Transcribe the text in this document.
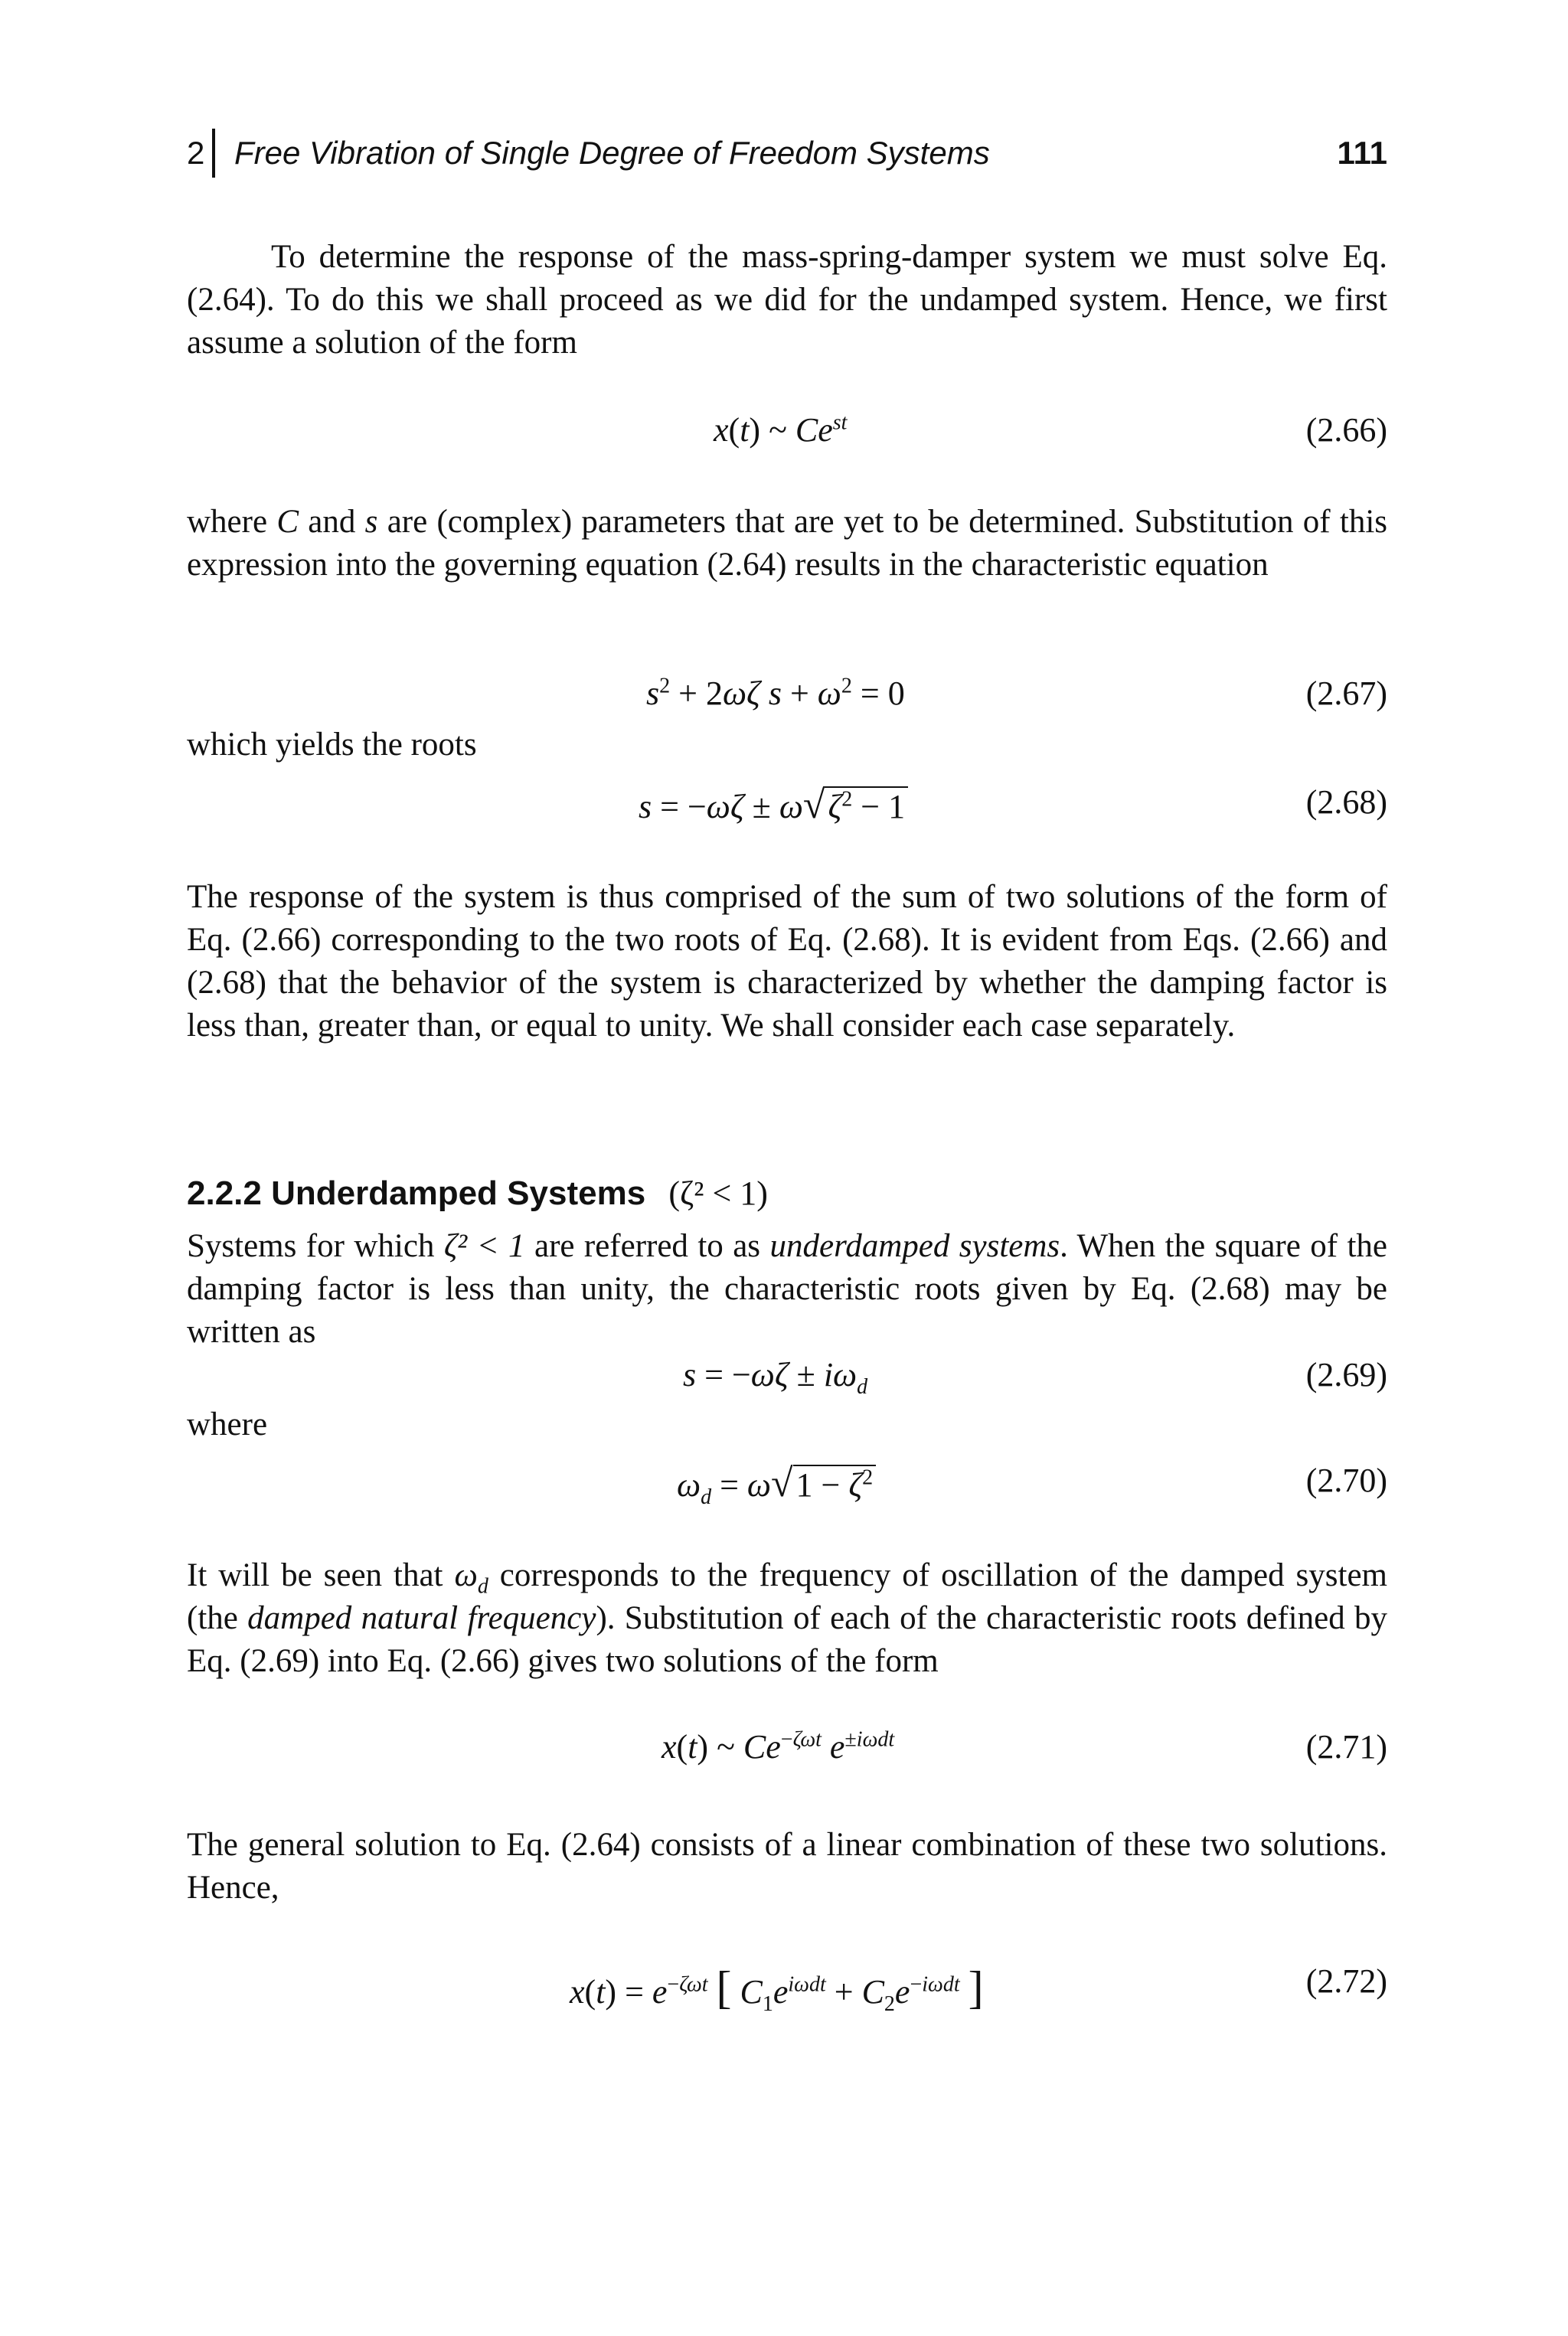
2 Free Vibration of Single Degree of Freedom Systems	111

To determine the response of the mass-spring-damper system we must solve Eq. (2.64). To do this we shall proceed as we did for the undamped system. Hence, we first assume a solution of the form

x(t) ~ $Ce^{st}$	(2.66)

where C and s are (complex) parameters that are yet to be determined. Substitution of this expression into the governing equation (2.64) results in the characteristic equation

$s^2 + 2\omega\zeta$ $s + \omega^2 = 0$	(2.67)
which yields the roots
$s = -\omega\zeta \pm \omega√\zeta^2 - 1$	(2.68)

The response of the system is thus comprised of the sum of two solutions of the form of Eq. (2.66) corresponding to the two roots of Eq. (2.68). It is evident from Eqs. (2.66) and (2.68) that the behavior of the system is characterized by whether the damping factor is less than, greater than, or equal to unity. We shall consider each case separately.

2.2.2 Underdamped Systems (ζ² < 1)

Systems for which ζ² < 1 are referred to as underdamped systems. When the square of the damping factor is less than unity, the characteristic roots given by Eq. (2.68) may be written as

$s = -\omega\zeta \pm i\omega_d$	(2.69)
where
$\omega_d = \omega√1 - \zeta^2$	(2.70)

It will be seen that $\omega_d$ corresponds to the frequency of oscillation of the damped system (the damped natural frequency). Substitution of each of the characteristic roots defined by Eq. (2.69) into Eq. (2.66) gives two solutions of the form

x(t) ~ $Ce^{-\zeta\omega t}$ $e^{\pm i\omega dt}$	(2.71)

The general solution to Eq. (2.64) consists of a linear combination of these two solutions. Hence,

$x(t) = e^{-\zeta\omega t}$ [ $C_1e^{i\omega dt} + C_2e^{-i\omega dt}$ ]	(2.72)
